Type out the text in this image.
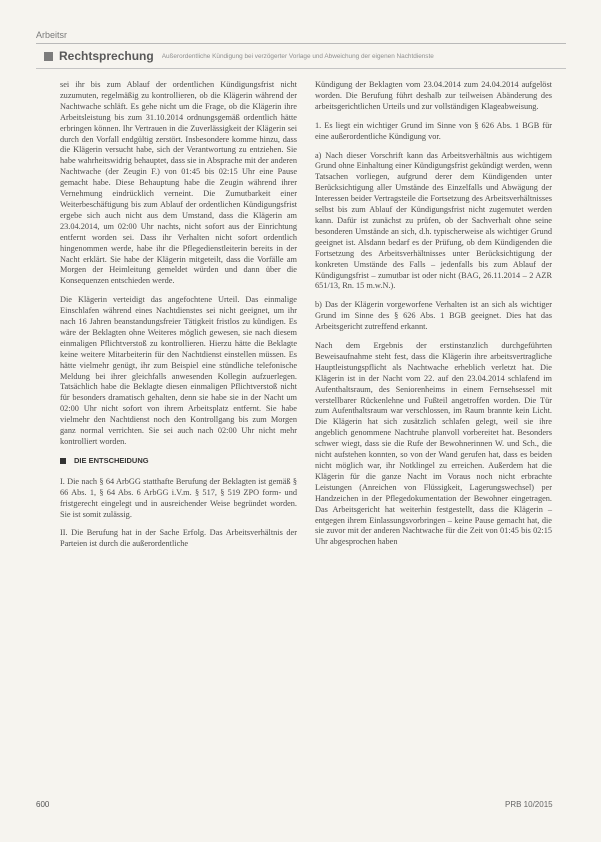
Arbeitsr
Rechtsprechung Außerordentliche Kündigung bei verzögerter Vorlage und Abweichung der eigenen Nachtdienste

sei ihr bis zum Ablauf der ordentlichen Kündigungsfrist nicht zuzumuten, regelmäßig zu kontrollieren, ob die Klägerin während der Nachtwache schläft. Es gehe nicht um die Frage, ob die Klägerin ihre Arbeitsleistung bis zum 31.10.2014 ordnungsgemäß ordentlich hätte erbringen können. Ihr Vertrauen in die Zuverlässigkeit der Klägerin sei durch den Vorfall endgültig zerstört. Insbesondere komme hinzu, dass die Klägerin versucht habe, sich der Verantwortung zu entziehen. Sie habe wahrheitswidrig behauptet, dass sie in Absprache mit der anderen Nachtwache (der Zeugin F.) von 01:45 bis 02:15 Uhr eine Pause gemacht habe. Diese Behauptung habe die Zeugin während ihrer Vernehmung eindrücklich verneint. Die Zumutbarkeit einer Weiterbeschäftigung bis zum Ablauf der ordentlichen Kündigungsfrist ergebe sich auch nicht aus dem Umstand, dass die Klägerin am 23.04.2014, um 02:00 Uhr nachts, nicht sofort aus der Einrichtung entfernt worden sei. Dass ihr Verhalten nicht sofort ordentlich hingenommen werde, habe ihr die Pflegedienstleiterin bereits in der Nacht erklärt. Sie habe der Klägerin mitgeteilt, dass die Vorfälle am Morgen der Heimleitung gemeldet würden und dann über die Konsequenzen entschieden werde.

Die Klägerin verteidigt das angefochtene Urteil. Das einmalige Einschlafen während eines Nachtdienstes sei nicht geeignet, um ihr nach 16 Jahren beanstandungsfreier Tätigkeit fristlos zu kündigen. Es wäre der Beklagten ohne Weiteres möglich gewesen, sie nach diesem einmaligen Pflichtverstoß zu kontrollieren. Hierzu hätte die Beklagte keine weitere Mitarbeiterin für den Nachtdienst einstellen müssen. Es hätte vielmehr genügt, ihr zum Beispiel eine stündliche telefonische Meldung bei ihrer gleichfalls anwesenden Kollegin aufzuerlegen. Tatsächlich habe die Beklagte diesen einmaligen Pflichtverstoß nicht für besonders dramatisch gehalten, denn sie habe sie in der Nacht um 02:00 Uhr nicht sofort von ihrem Arbeitsplatz entfernt. Sie habe vielmehr den Nachtdienst noch den Kontrollgang bis zum Morgen ganz normal verrichten. Sie sei auch nach 02:00 Uhr nicht mehr kontrolliert worden.

DIE ENTSCHEIDUNG

I. Die nach § 64 ArbGG statthafte Berufung der Beklagten ist gemäß § 66 Abs. 1, § 64 Abs. 6 ArbGG i.V.m. § 517, § 519 ZPO form- und fristgerecht eingelegt und in ausreichender Weise begründet worden. Sie ist somit zulässig.

II. Die Berufung hat in der Sache Erfolg. Das Arbeitsverhältnis der Parteien ist durch die außerordentliche

Kündigung der Beklagten vom 23.04.2014 zum 24.04.2014 aufgelöst worden. Die Berufung führt deshalb zur teilweisen Abänderung des arbeitsgerichtlichen Urteils und zur vollständigen Klageabweisung.

1. Es liegt ein wichtiger Grund im Sinne von § 626 Abs. 1 BGB für eine außerordentliche Kündigung vor.

a) Nach dieser Vorschrift kann das Arbeitsverhältnis aus wichtigem Grund ohne Einhaltung einer Kündigungsfrist gekündigt werden, wenn Tatsachen vorliegen, aufgrund derer dem Kündigenden unter Berücksichtigung aller Umstände des Einzelfalls und Abwägung der Interessen beider Vertragsteile die Fortsetzung des Arbeitsverhältnisses selbst bis zum Ablauf der Kündigungsfrist nicht zugemutet werden kann. Dafür ist zunächst zu prüfen, ob der Sachverhalt ohne seine besonderen Umstände an sich, d.h. typischerweise als wichtiger Grund geeignet ist. Alsdann bedarf es der Prüfung, ob dem Kündigenden die Fortsetzung des Arbeitsverhältnisses unter Berücksichtigung der konkreten Umstände des Falls – jedenfalls bis zum Ablauf der Kündigungsfrist – zumutbar ist oder nicht (BAG, 26.11.2014 – 2 AZR 651/13, Rn. 15 m.w.N.).

b) Das der Klägerin vorgeworfene Verhalten ist an sich als wichtiger Grund im Sinne des § 626 Abs. 1 BGB geeignet. Dies hat das Arbeitsgericht zutreffend erkannt.

Nach dem Ergebnis der erstinstanzlich durchgeführten Beweisaufnahme steht fest, dass die Klägerin ihre arbeitsvertragliche Hauptleistungspflicht als Nachtwache erheblich verletzt hat. Die Klägerin ist in der Nacht vom 22. auf den 23.04.2014 schlafend im Aufenthaltsraum, des Seniorenheims in einem Fernsehsessel mit verstellbarer Rückenlehne und Fußteil angetroffen worden. Die Tür zum Aufenthaltsraum war verschlossen, im Raum brannte kein Licht. Die Klägerin hat sich zusätzlich schlafen gelegt, weil sie ihre angeblich genommene Nachtruhe planvoll vorbereitet hat. Besonders schwer wiegt, dass sie die Rufe der Bewohnerinnen W. und Sch., die nicht aufstehen konnten, so von der Wand gerufen hat, dass es beiden nicht möglich war, ihr Notklingel zu erreichen. Außerdem hat die Klägerin für die ganze Nacht im Voraus noch nicht erbrachte Leistungen (Anreichen von Flüssigkeit, Lagerungswechsel) per Handzeichen in der Pflegedokumentation der Bewohner eingetragen. Das Arbeitsgericht hat weiterhin festgestellt, dass die Klägerin – entgegen ihrem Einlassungsvorbringen – keine Pause gemacht hat, die sie zuvor mit der anderen Nachtwache für die Zeit von 01:45 bis 02:15 Uhr abgesprochen haben

600	PRB 10/2015
